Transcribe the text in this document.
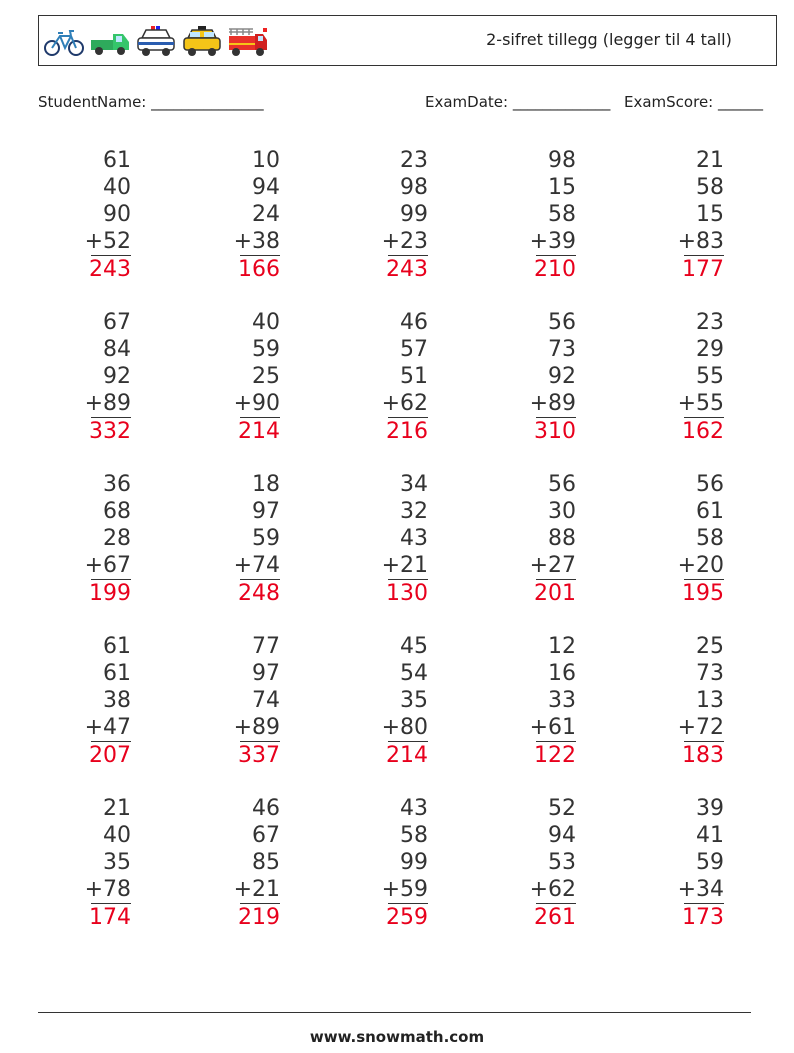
2-sifret tillegg (legger til 4 tall)
StudentName: _______________	ExamDate: _____________ ExamScore: ______
61
40
90
+52
243
10
94
24
+38
166
23
98
99
+23
243
98
15
58
+39
210
21
58
15
+83
177
67
84
92
+89
332
40
59
25
+90
214
46
57
51
+62
216
56
73
92
+89
310
23
29
55
+55
162
36
68
28
+67
199
18
97
59
+74
248
34
32
43
+21
130
56
30
88
+27
201
56
61
58
+20
195
61
61
38
+47
207
77
97
74
+89
337
45
54
35
+80
214
12
16
33
+61
122
25
73
13
+72
183
21
40
35
+78
174
46
67
85
+21
219
43
58
99
+59
259
52
94
53
+62
261
39
41
59
+34
173
www.snowmath.com
